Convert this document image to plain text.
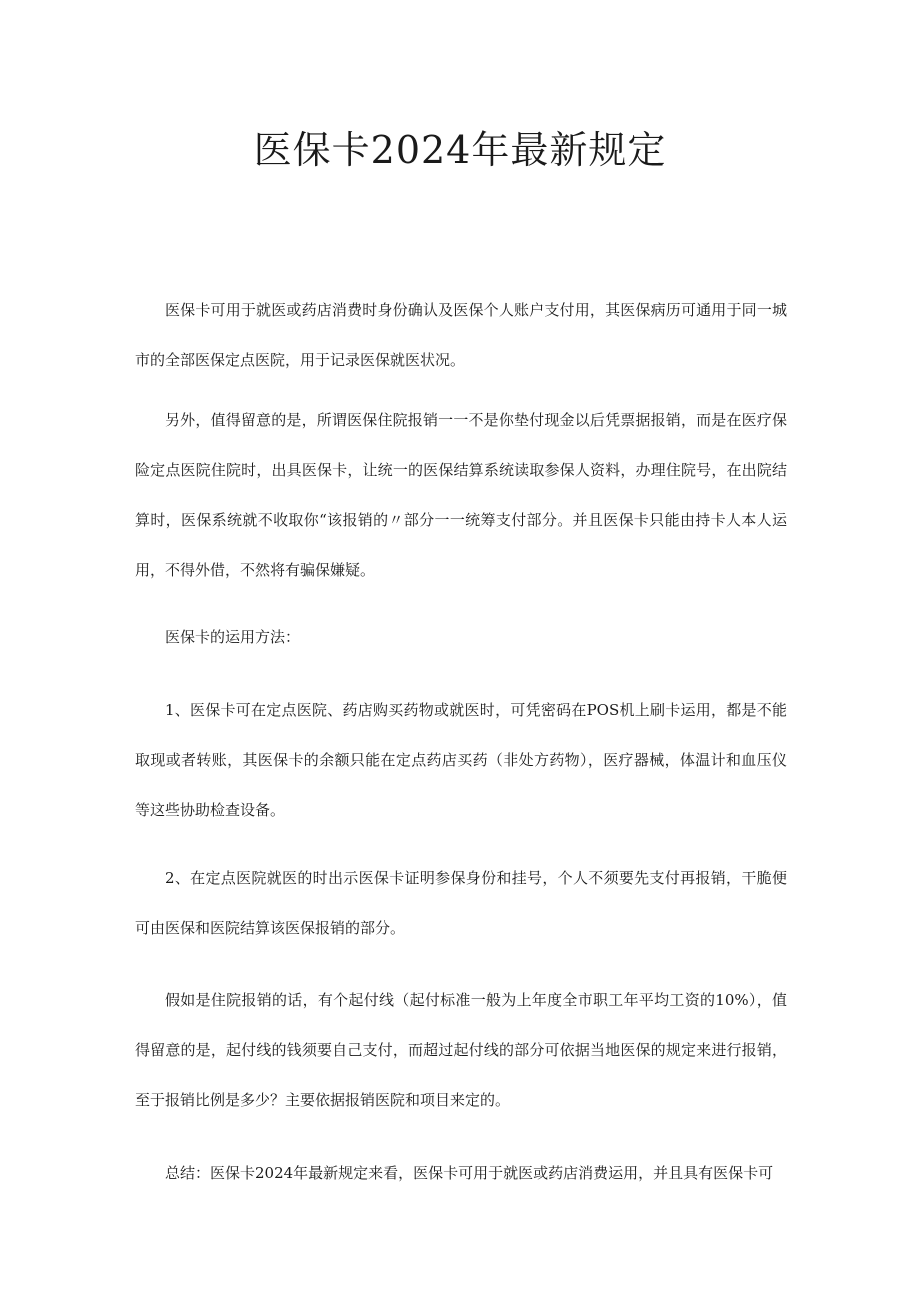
医保卡2024年最新规定

医保卡可用于就医或药店消费时身份确认及医保个人账户支付用，其医保病历可通用于同一城市的全部医保定点医院，用于记录医保就医状况。

另外，值得留意的是，所谓医保住院报销一一不是你垫付现金以后凭票据报销，而是在医疗保险定点医院住院时，出具医保卡，让统一的医保结算系统读取参保人资料，办理住院号，在出院结算时，医保系统就不收取你“该报销的〃部分一一统筹支付部分。并且医保卡只能由持卡人本人运用，不得外借，不然将有骗保嫌疑。

医保卡的运用方法：

1、医保卡可在定点医院、药店购买药物或就医时，可凭密码在POS机上刷卡运用，都是不能取现或者转账，其医保卡的余额只能在定点药店买药（非处方药物），医疗器械，体温计和血压仪等这些协助检查设备。

2、在定点医院就医的时出示医保卡证明参保身份和挂号，个人不须要先支付再报销，干脆便可由医保和医院结算该医保报销的部分。

假如是住院报销的话，有个起付线（起付标准一般为上年度全市职工年平均工资的10%），值得留意的是，起付线的钱须要自己支付，而超过起付线的部分可依据当地医保的规定来进行报销，至于报销比例是多少？主要依据报销医院和项目来定的。

总结：医保卡2024年最新规定来看，医保卡可用于就医或药店消费运用，并且具有医保卡可
